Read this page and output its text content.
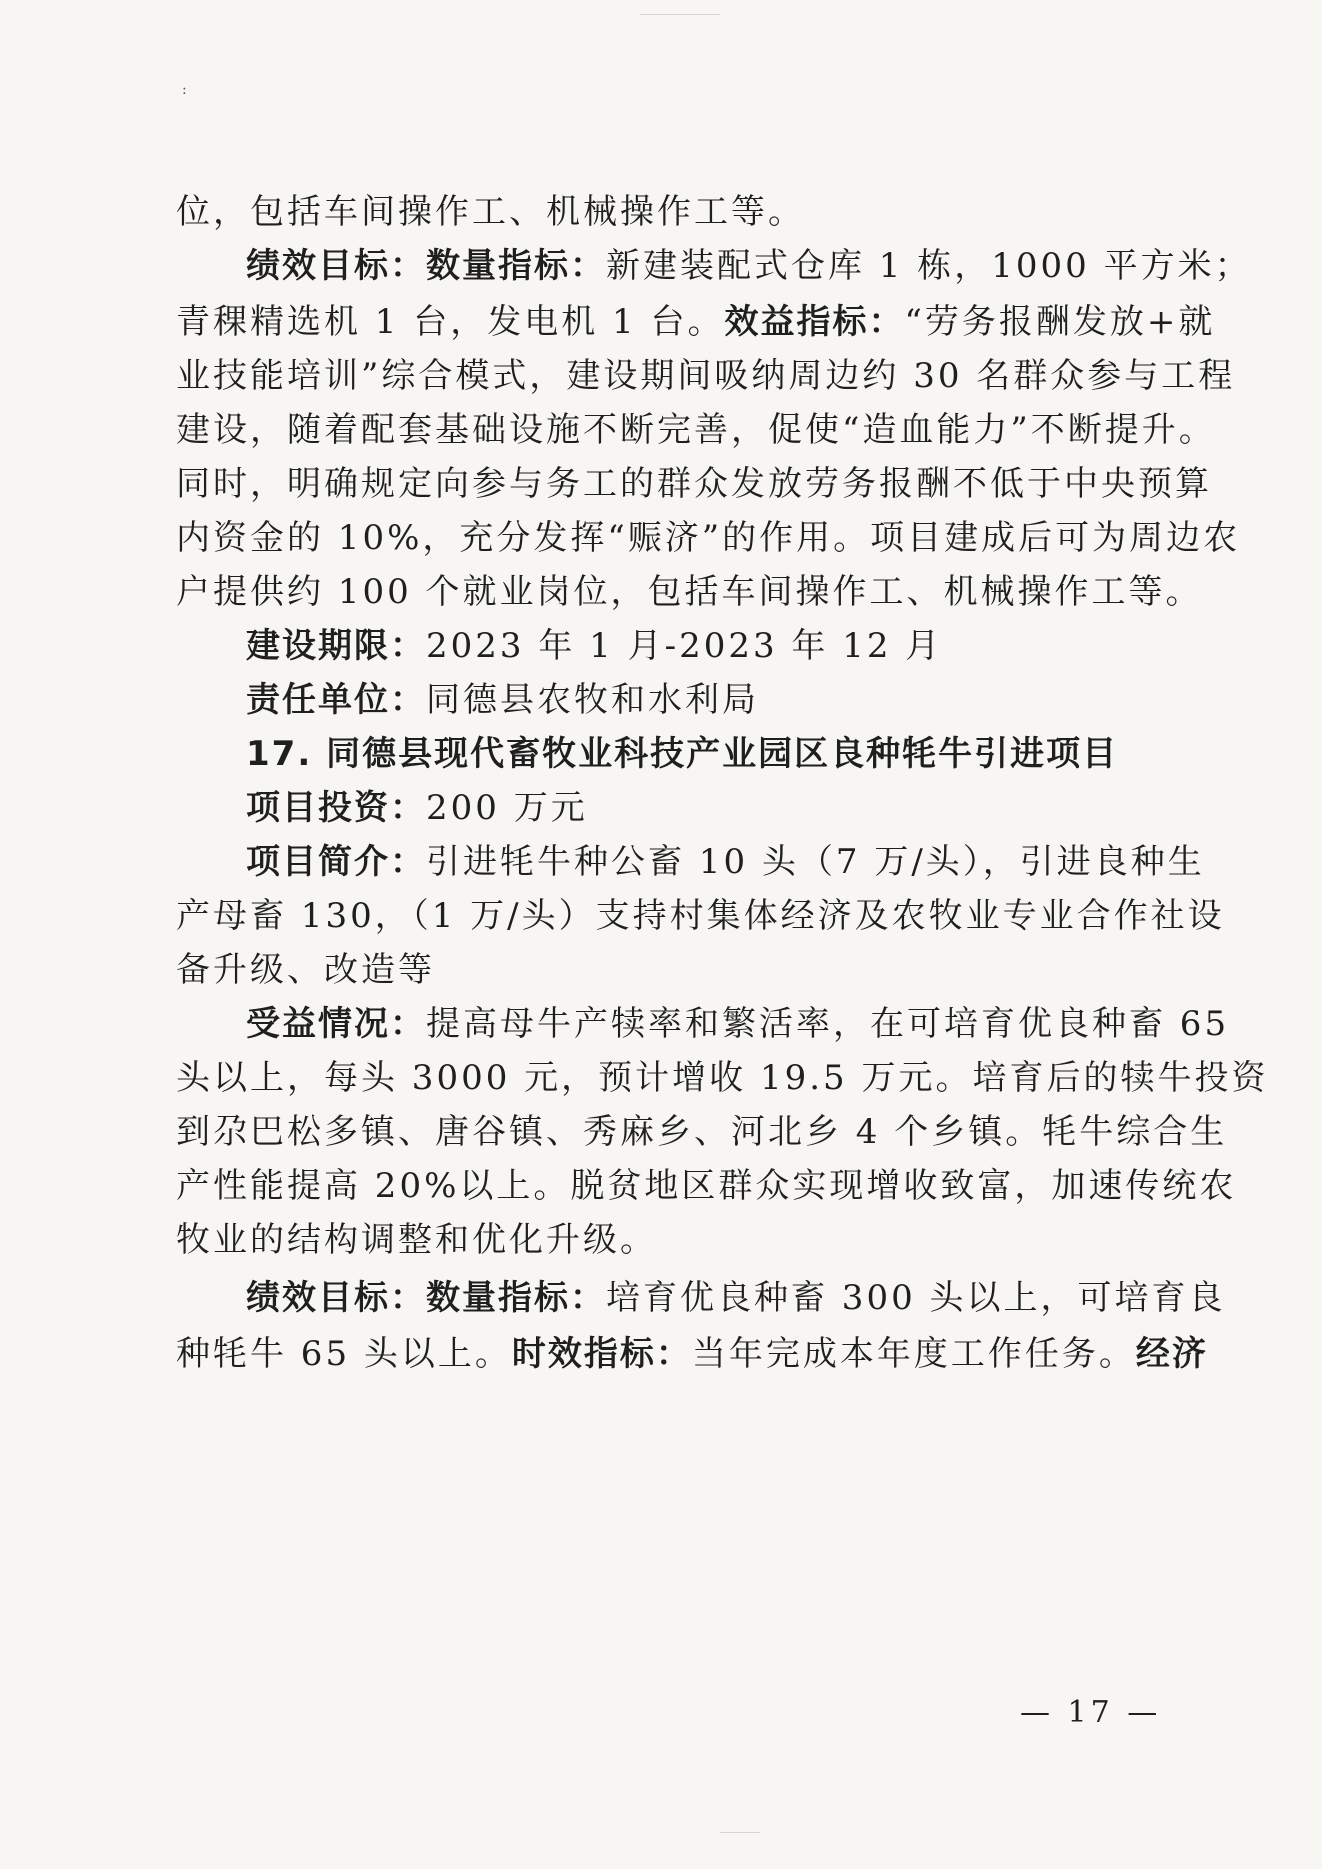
:
位，包括车间操作工、机械操作工等。
绩效目标：数量指标：新建装配式仓库 1 栋，1000 平方米；
青稞精选机 1 台，发电机 1 台。效益指标：“劳务报酬发放+就
业技能培训”综合模式，建设期间吸纳周边约 30 名群众参与工程
建设，随着配套基础设施不断完善，促使“造血能力”不断提升。
同时，明确规定向参与务工的群众发放劳务报酬不低于中央预算
内资金的 10%，充分发挥“赈济”的作用。项目建成后可为周边农
户提供约 100 个就业岗位，包括车间操作工、机械操作工等。
建设期限：2023 年 1 月-2023 年 12 月
责任单位：同德县农牧和水利局
17. 同德县现代畜牧业科技产业园区良种牦牛引进项目
项目投资：200 万元
项目简介：引进牦牛种公畜 10 头（7 万/头），引进良种生
产母畜 130，（1 万/头）支持村集体经济及农牧业专业合作社设
备升级、改造等
受益情况：提高母牛产犊率和繁活率，在可培育优良种畜 65
头以上，每头 3000 元，预计增收 19.5 万元。培育后的犊牛投资
到尕巴松多镇、唐谷镇、秀麻乡、河北乡 4 个乡镇。牦牛综合生
产性能提高 20%以上。脱贫地区群众实现增收致富，加速传统农
牧业的结构调整和优化升级。
绩效目标：数量指标：培育优良种畜 300 头以上，可培育良
种牦牛 65 头以上。时效指标：当年完成本年度工作任务。经济
— 17 —
